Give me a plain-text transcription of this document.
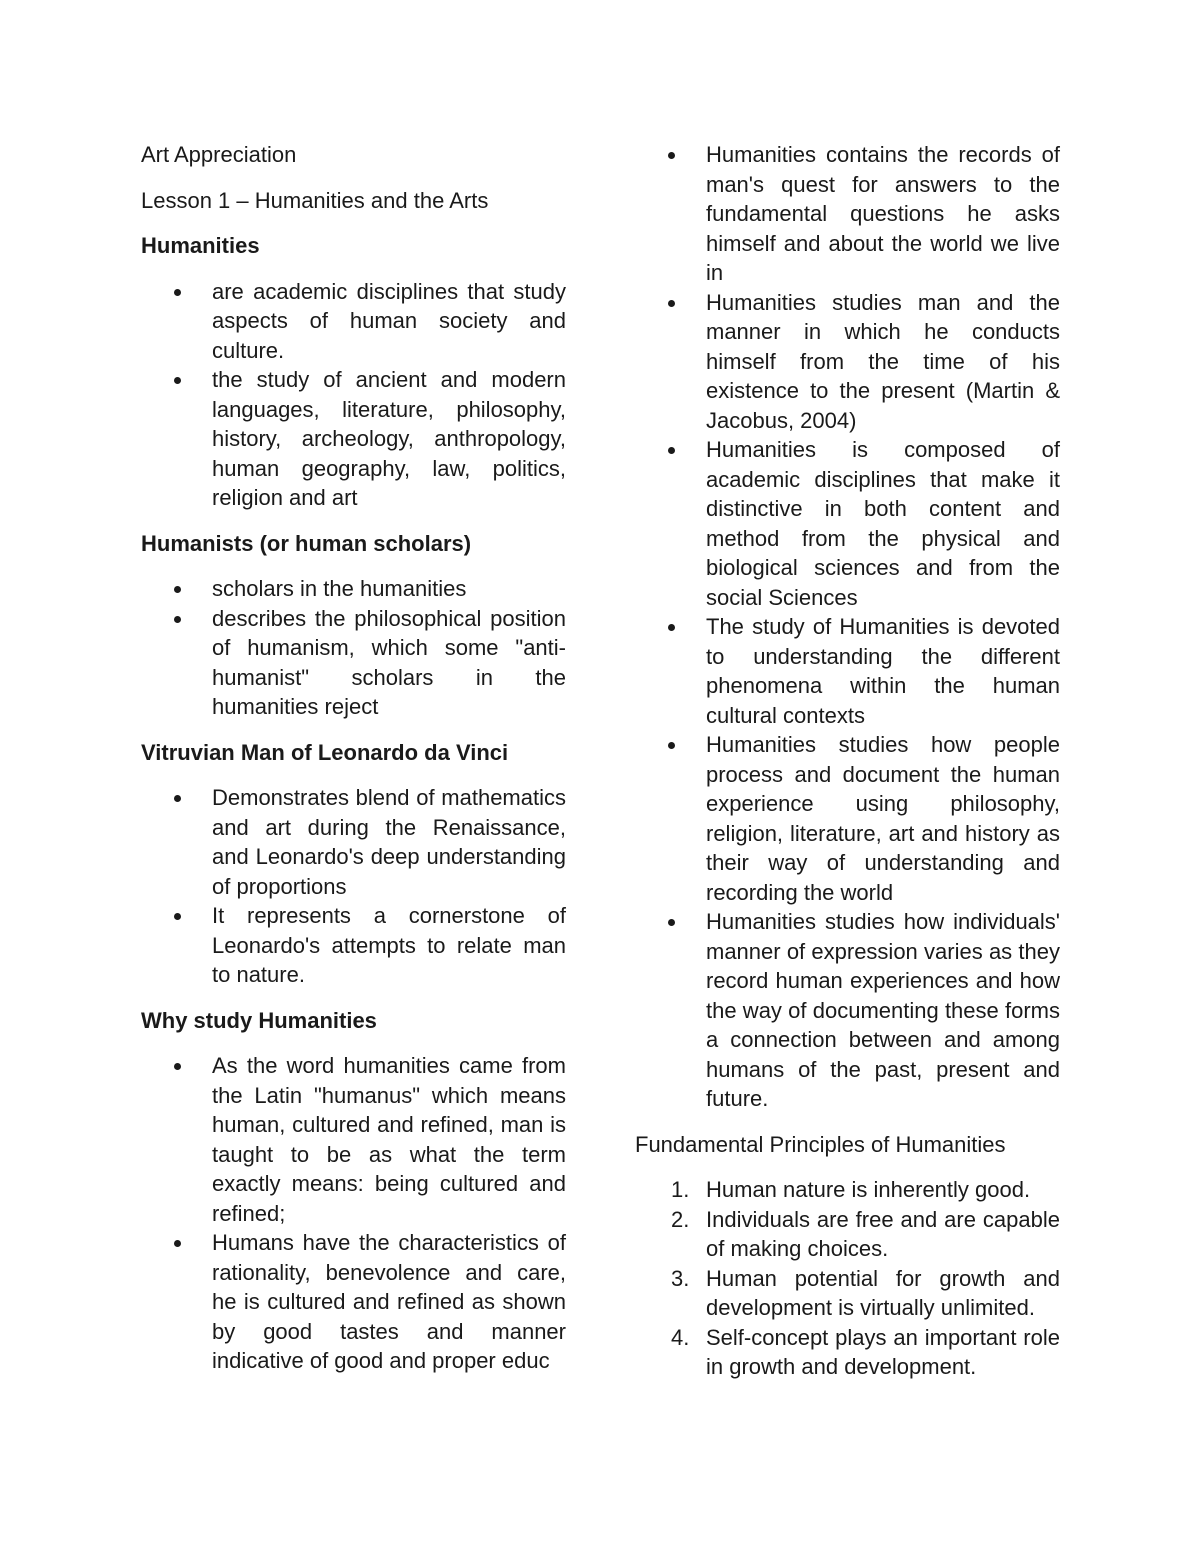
Art Appreciation

Lesson 1 – Humanities and the Arts

Humanities

are academic disciplines that study aspects of human society and culture.
the study of ancient and modern languages, literature, philosophy, history, archeology, anthropology, human geography, law, politics, religion and art

Humanists (or human scholars)

scholars in the humanities
describes the philosophical position of humanism, which some "anti-humanist" scholars in the humanities reject

Vitruvian Man of Leonardo da Vinci

Demonstrates blend of mathematics and art during the Renaissance, and Leonardo's deep understanding of proportions
It represents a cornerstone of Leonardo's attempts to relate man to nature.

Why study Humanities

As the word humanities came from the Latin "humanus" which means human, cultured and refined, man is taught to be as what the term exactly means: being cultured and refined;
Humans have the characteristics of rationality, benevolence and care, he is cultured and refined as shown by good tastes and manner indicative of good and proper educ
Humanities contains the records of man's quest for answers to the fundamental questions he asks himself and about the world we live in
Humanities studies man and the manner in which he conducts himself from the time of his existence to the present (Martin & Jacobus, 2004)
Humanities is composed of academic disciplines that make it distinctive in both content and method from the physical and biological sciences and from the social Sciences
The study of Humanities is devoted to understanding the different phenomena within the human cultural contexts
Humanities studies how people process and document the human experience using philosophy, religion, literature, art and history as their way of understanding and recording the world
Humanities studies how individuals' manner of expression varies as they record human experiences and how the way of documenting these forms a connection between and among humans of the past, present and future.

Fundamental Principles of Humanities

1. Human nature is inherently good.
2. Individuals are free and are capable of making choices.
3. Human potential for growth and development is virtually unlimited.
4. Self-concept plays an important role in growth and development.
